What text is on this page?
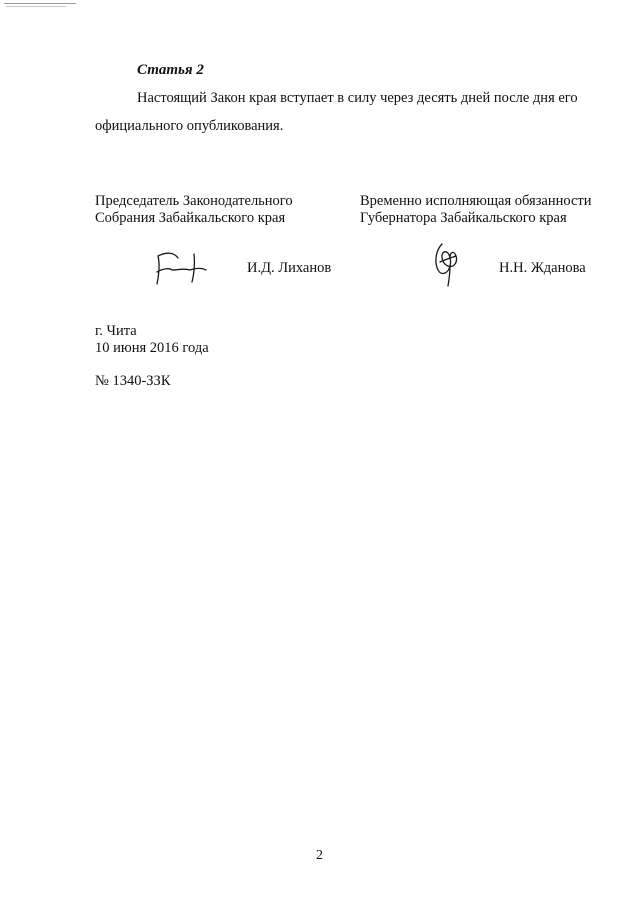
Статья 2
Настоящий Закон края вступает в силу через десять дней после дня его
официального опубликования.
Председатель Законодательного
Собрания Забайкальского края
Временно исполняющая обязанности
Губернатора Забайкальского края
И.Д. Лиханов	Н.Н. Жданова
г. Чита
10 июня 2016 года
№ 1340-ЗЗК
2
